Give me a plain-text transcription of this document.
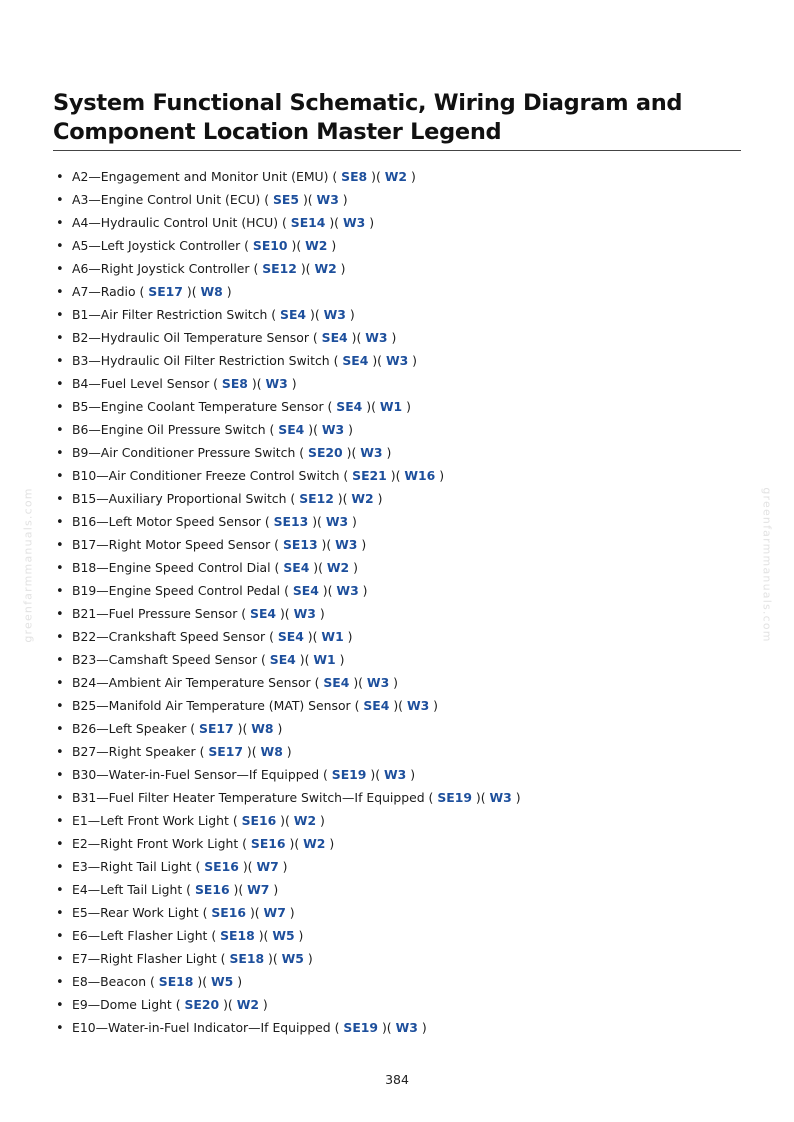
System Functional Schematic, Wiring Diagram and
Component Location Master Legend
• A2—Engagement and Monitor Unit (EMU) ( SE8 )( W2 )
• A3—Engine Control Unit (ECU) ( SE5 )( W3 )
• A4—Hydraulic Control Unit (HCU) ( SE14 )( W3 )
• A5—Left Joystick Controller ( SE10 )( W2 )
• A6—Right Joystick Controller ( SE12 )( W2 )
• A7—Radio ( SE17 )( W8 )
• B1—Air Filter Restriction Switch ( SE4 )( W3 )
• B2—Hydraulic Oil Temperature Sensor ( SE4 )( W3 )
• B3—Hydraulic Oil Filter Restriction Switch ( SE4 )( W3 )
• B4—Fuel Level Sensor ( SE8 )( W3 )
• B5—Engine Coolant Temperature Sensor ( SE4 )( W1 )
• B6—Engine Oil Pressure Switch ( SE4 )( W3 )
• B9—Air Conditioner Pressure Switch ( SE20 )( W3 )
• B10—Air Conditioner Freeze Control Switch ( SE21 )( W16 )
• B15—Auxiliary Proportional Switch ( SE12 )( W2 )
• B16—Left Motor Speed Sensor ( SE13 )( W3 )
• B17—Right Motor Speed Sensor ( SE13 )( W3 )
• B18—Engine Speed Control Dial ( SE4 )( W2 )
• B19—Engine Speed Control Pedal ( SE4 )( W3 )
• B21—Fuel Pressure Sensor ( SE4 )( W3 )
• B22—Crankshaft Speed Sensor ( SE4 )( W1 )
• B23—Camshaft Speed Sensor ( SE4 )( W1 )
• B24—Ambient Air Temperature Sensor ( SE4 )( W3 )
• B25—Manifold Air Temperature (MAT) Sensor ( SE4 )( W3 )
• B26—Left Speaker ( SE17 )( W8 )
• B27—Right Speaker ( SE17 )( W8 )
• B30—Water-in-Fuel Sensor—If Equipped ( SE19 )( W3 )
• B31—Fuel Filter Heater Temperature Switch—If Equipped ( SE19 )( W3 )
• E1—Left Front Work Light ( SE16 )( W2 )
• E2—Right Front Work Light ( SE16 )( W2 )
• E3—Right Tail Light ( SE16 )( W7 )
• E4—Left Tail Light ( SE16 )( W7 )
• E5—Rear Work Light ( SE16 )( W7 )
• E6—Left Flasher Light ( SE18 )( W5 )
• E7—Right Flasher Light ( SE18 )( W5 )
• E8—Beacon ( SE18 )( W5 )
• E9—Dome Light ( SE20 )( W2 )
• E10—Water-in-Fuel Indicator—If Equipped ( SE19 )( W3 )
greenfarmmanuals.com	greenfarmmanuals.com
384
